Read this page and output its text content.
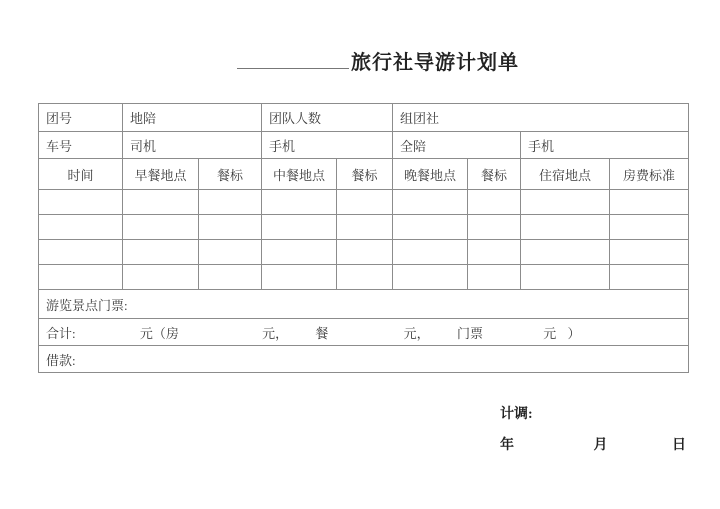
旅行社导游计划单
团号	地陪		团队人数		组团社			
车号	司机		手机		全陪		手机	
时间	早餐地点	餐标	中餐地点	餐标	晚餐地点	餐标	住宿地点	房费标准

游览景点门票:								
合计: 元（房 元， 餐 元， 门票 元 ）								
借款:								
计调:
年	月	日
